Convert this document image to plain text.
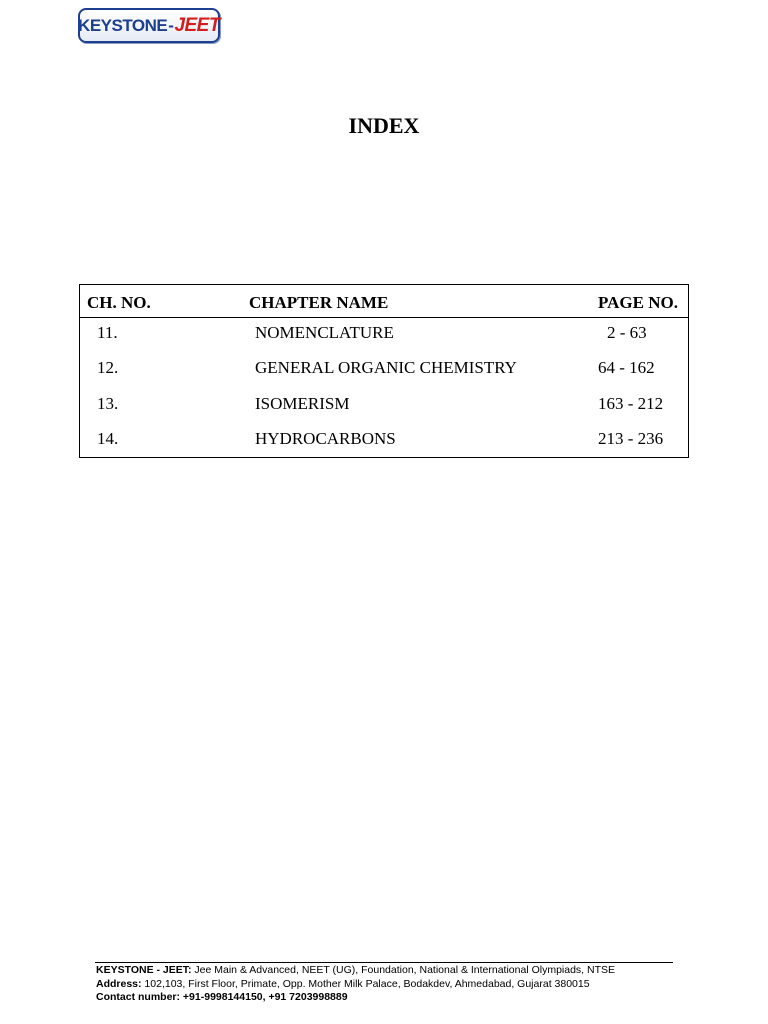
KEYSTONE - JEET
INDEX
CH. NO.	CHAPTER NAME	PAGE NO.
11.	NOMENCLATURE	2 - 63
12.	GENERAL ORGANIC CHEMISTRY	64 - 162
13.	ISOMERISM	163 - 212
14.	HYDROCARBONS	213 - 236
KEYSTONE - JEET: Jee Main & Advanced, NEET (UG), Foundation, National & International Olympiads, NTSE
Address: 102,103, First Floor, Primate, Opp. Mother Milk Palace, Bodakdev, Ahmedabad, Gujarat 380015
Contact number: +91-9998144150, +91 7203998889
